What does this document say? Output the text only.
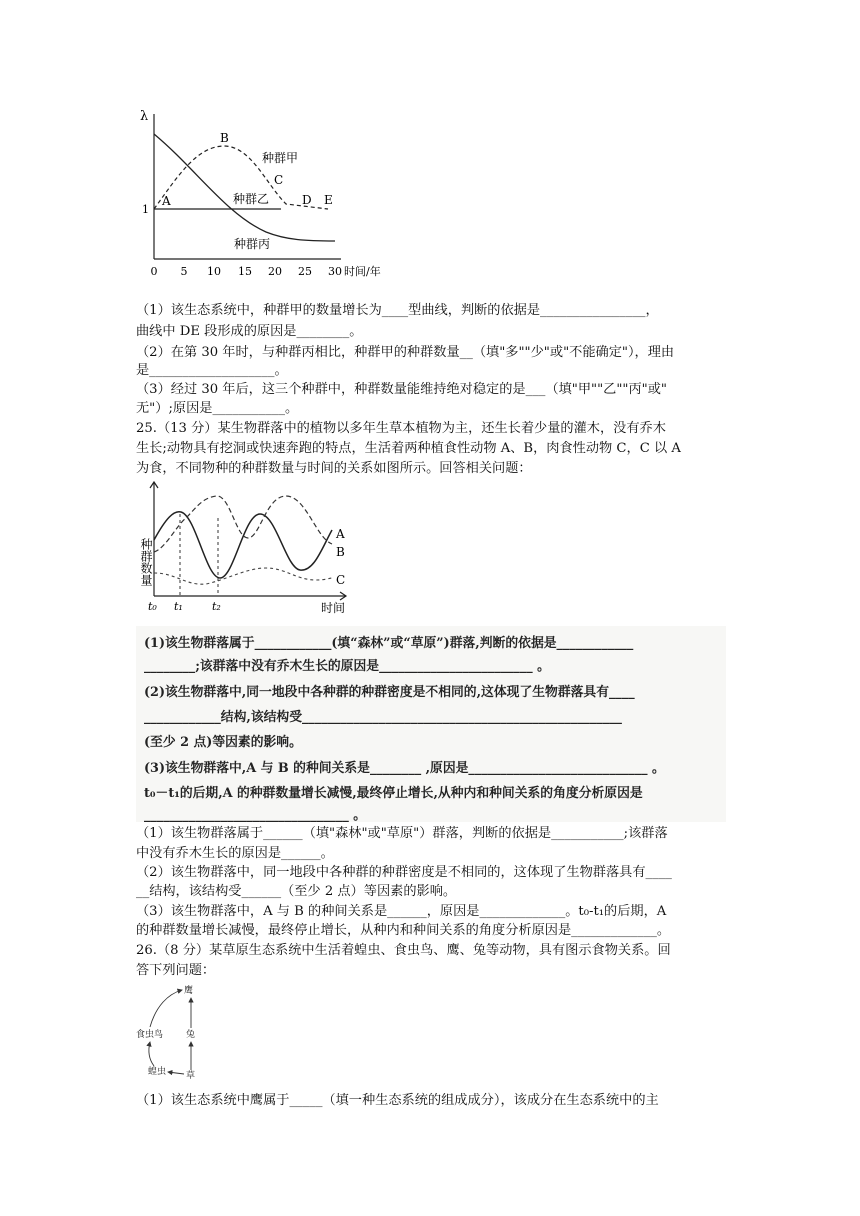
λ
1
时间/年
0 5 10 15 20 25 30
种群甲
种群乙
种群丙
A
B
C
D E
（1）该生态系统中，种群甲的数量增长为____型曲线，判断的依据是________________，
曲线中 DE 段形成的原因是________。
（2）在第 30 年时，与种群丙相比，种群甲的种群数量__（填"多""少"或"不能确定"），理由
是___________________。
（3）经过 30 年后，这三个种群中，种群数量能维持绝对稳定的是___（填"甲""乙""丙"或"
无"）;原因是___________。
25.（13 分）某生物群落中的植物以多年生草本植物为主，还生长着少量的灌木，没有乔木
生长;动物具有挖洞或快速奔跑的特点，生活着两种植食性动物 A、B，肉食性动物 C，C 以 A
为食，不同物种的种群数量与时间的关系如图所示。回答相关问题：
种群数量
时间
t₀ t₁	t₂
A
B
C
(1)该生物群落属于____________(填“森林”或“草原”)群落,判断的依据是____________
________;该群落中没有乔木生长的原因是________________________ 。
(2)该生物群落中,同一地段中各种群的种群密度是不相同的,这体现了生物群落具有____
____________结构,该结构受__________________________________________________
(至少 2 点)等因素的影响。
(3)该生物群落中,A 与 B 的种间关系是________ ,原因是____________________________ 。
t₀－t₁的后期,A 的种群数量增长减慢,最终停止增长,从种内和种间关系的角度分析原因是
________________________________ 。
（1）该生物群落属于______（填"森林"或"草原"）群落，判断的依据是___________;该群落
中没有乔木生长的原因是______。
（2）该生物群落中，同一地段中各种群的种群密度是不相同的，这体现了生物群落具有____
__结构，该结构受______（至少 2 点）等因素的影响。
（3）该生物群落中，A 与 B 的种间关系是______，原因是_____________。t₀-t₁的后期，A
的种群数量增长减慢，最终停止增长，从种内和种间关系的角度分析原因是_____________。
26.（8 分）某草原生态系统中生活着蝗虫、食虫鸟、鹰、兔等动物，具有图示食物关系。回
答下列问题：
鹰
食虫鸟	兔
蝗虫 草
（1）该生态系统中鹰属于_____（填一种生态系统的组成成分），该成分在生态系统中的主
